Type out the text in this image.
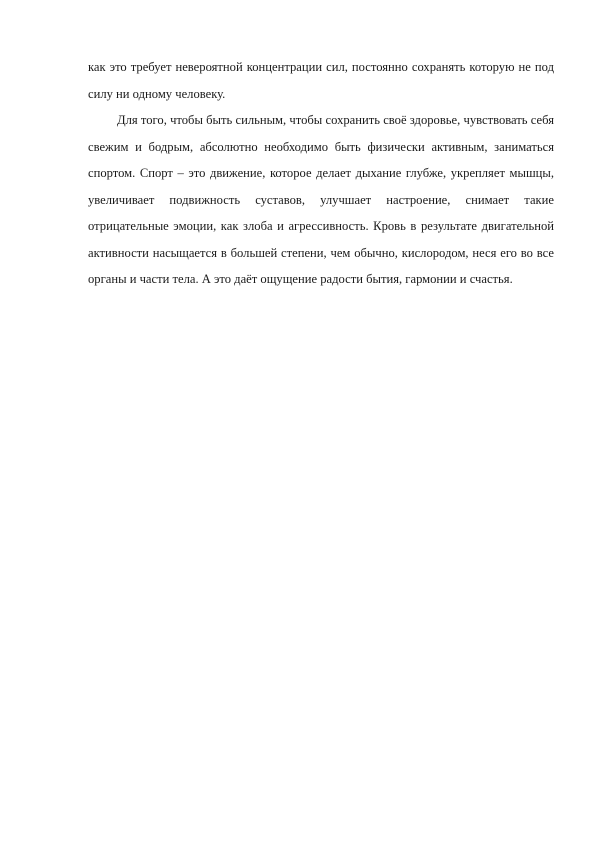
как это требует невероятной концентрации сил, постоянно сохранять которую не под силу ни одному человеку.

Для того, чтобы быть сильным, чтобы сохранить своё здоровье, чувствовать себя свежим и бодрым, абсолютно необходимо быть физически активным, заниматься спортом. Спорт – это движение, которое делает дыхание глубже, укрепляет мышцы, увеличивает подвижность суставов, улучшает настроение, снимает такие отрицательные эмоции, как злоба и агрессивность. Кровь в результате двигательной активности насыщается в большей степени, чем обычно, кислородом, неся его во все органы и части тела. А это даёт ощущение радости бытия, гармонии и счастья.
